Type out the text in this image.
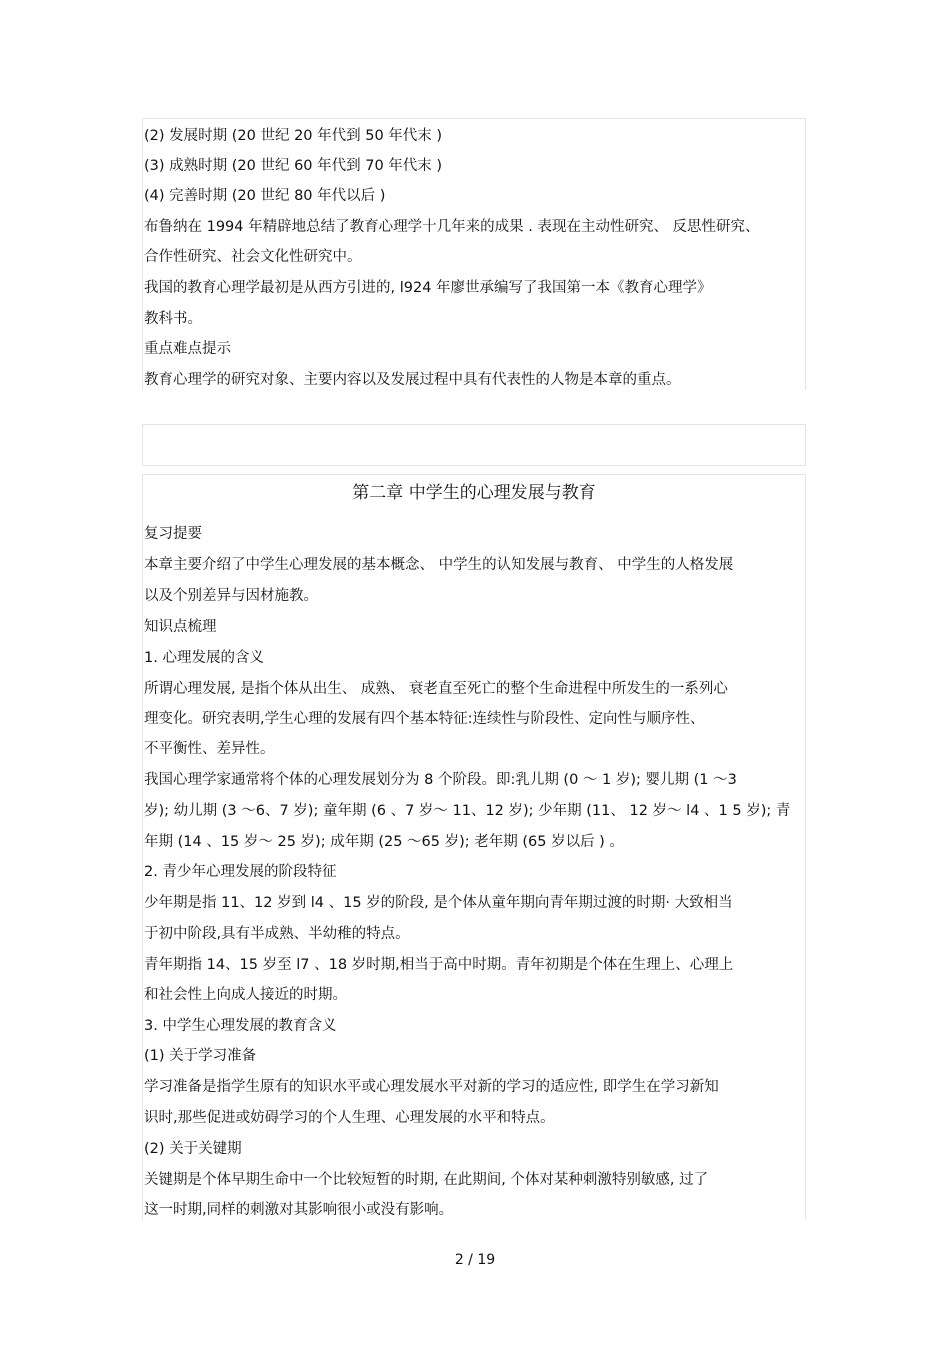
(2) 发展时期 (20 世纪 20 年代到 50 年代末 )
(3) 成熟时期 (20 世纪 60 年代到 70 年代末 )
(4) 完善时期 (20 世纪 80 年代以后 )
布鲁纳在 1994 年精辟地总结了教育心理学十几年来的成果 . 表现在主动性研究、 反思性研究、
合作性研究、社会文化性研究中。
我国的教育心理学最初是从西方引进的, l924 年廖世承编写了我国第一本《教育心理学》
教科书。
重点难点提示
教育心理学的研究对象、主要内容以及发展过程中具有代表性的人物是本章的重点。
第二章 中学生的心理发展与教育
复习提要
本章主要介绍了中学生心理发展的基本概念、 中学生的认知发展与教育、 中学生的人格发展
以及个别差异与因材施教。
知识点梳理
1. 心理发展的含义
所谓心理发展, 是指个体从出生、 成熟、 衰老直至死亡的整个生命进程中所发生的一系列心
理变化。研究表明,学生心理的发展有四个基本特征:连续性与阶段性、定向性与顺序性、
不平衡性、差异性。
我国心理学家通常将个体的心理发展划分为 8 个阶段。即:乳儿期 (0 ～ 1 岁); 婴儿期 (1 ～3
岁); 幼儿期 (3 ～6、7 岁); 童年期 (6 、7 岁～ 11、12 岁); 少年期 (11、 12 岁～ l4 、1 5 岁); 青
年期 (14 、15 岁～ 25 岁); 成年期 (25 ～65 岁); 老年期 (65 岁以后 ) 。
2. 青少年心理发展的阶段特征
少年期是指 11、12 岁到 l4 、15 岁的阶段, 是个体从童年期向青年期过渡的时期· 大致相当
于初中阶段,具有半成熟、半幼稚的特点。
青年期指 14、15 岁至 l7 、18 岁时期,相当于高中时期。青年初期是个体在生理上、心理上
和社会性上向成人接近的时期。
3. 中学生心理发展的教育含义
(1) 关于学习准备
学习准备是指学生原有的知识水平或心理发展水平对新的学习的适应性, 即学生在学习新知
识时,那些促进或妨碍学习的个人生理、心理发展的水平和特点。
(2) 关于关键期
关键期是个体早期生命中一个比较短暂的时期, 在此期间, 个体对某种刺激特别敏感, 过了
这一时期,同样的刺激对其影响很小或没有影响。
2 / 19
